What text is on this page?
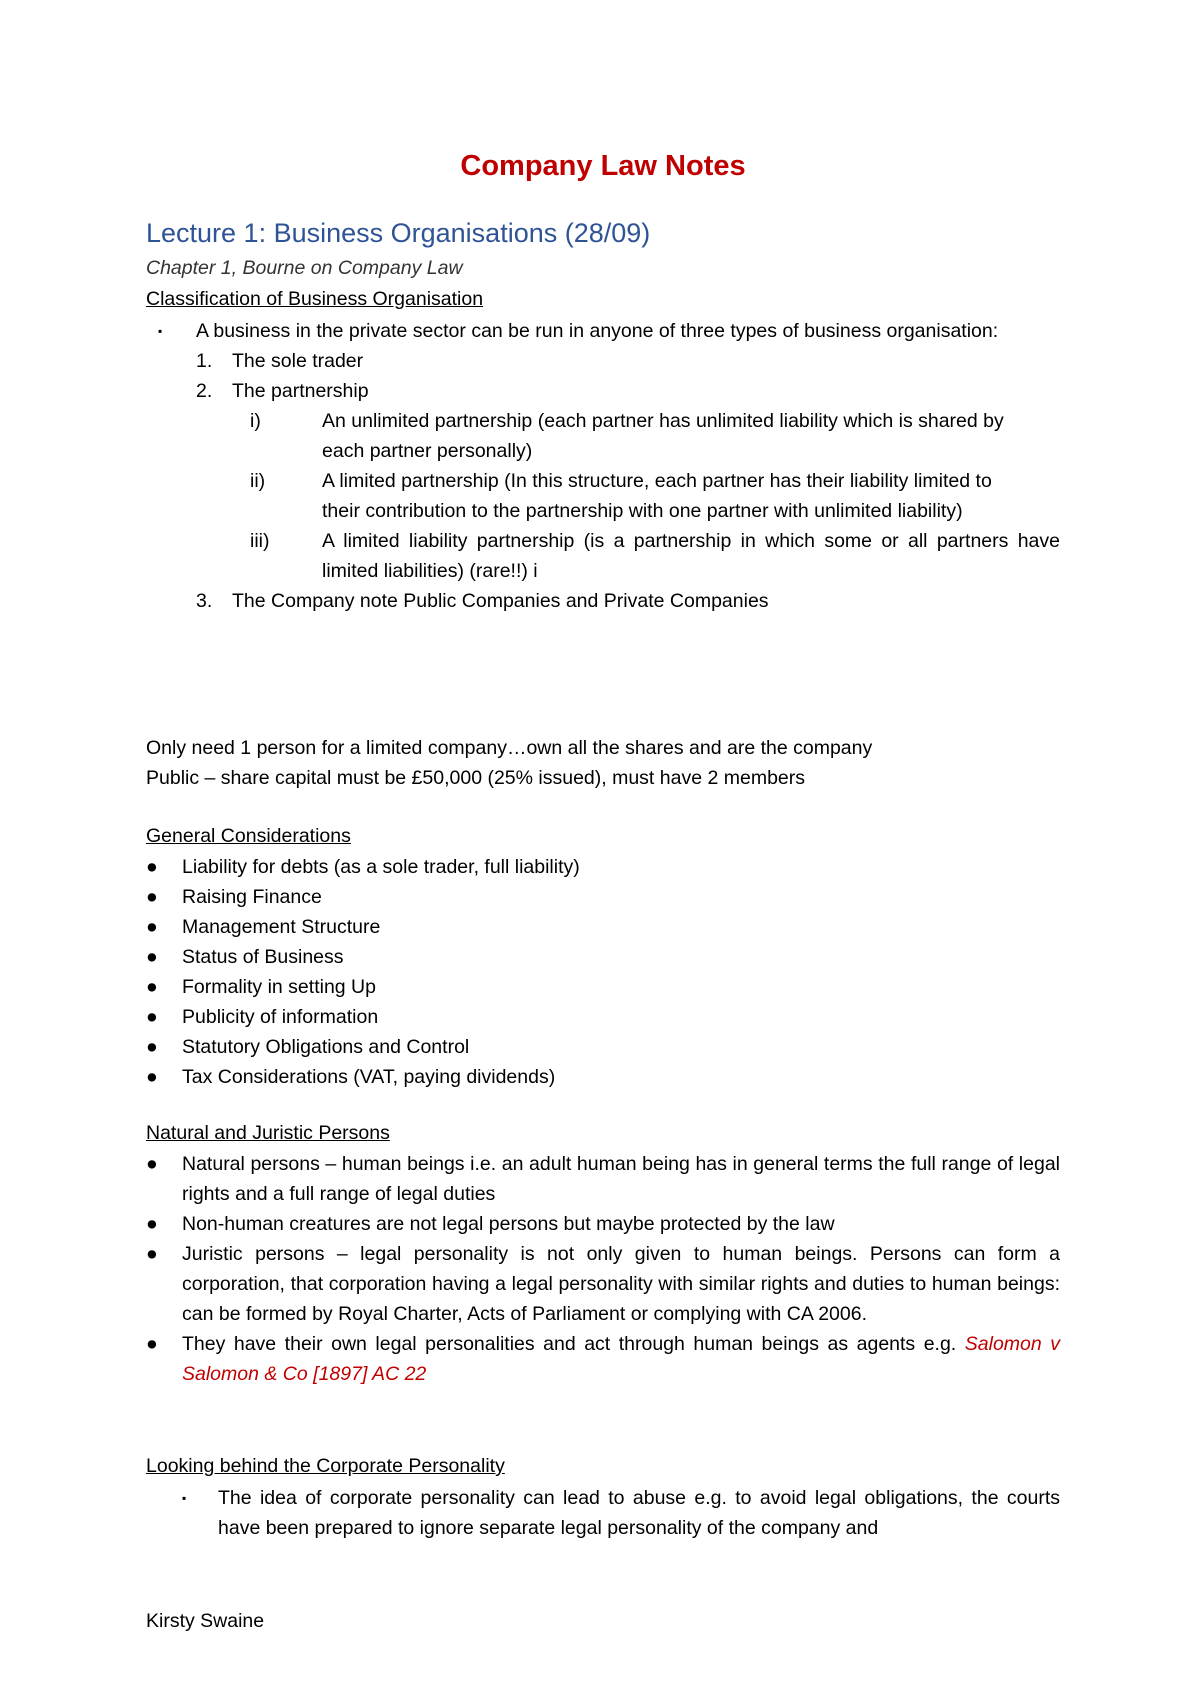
Company Law Notes
Lecture 1: Business Organisations (28/09)
Chapter 1, Bourne on Company Law
Classification of Business Organisation
▪ A business in the private sector can be run in anyone of three types of business organisation:
1. The sole trader
2. The partnership
i)	An unlimited partnership (each partner has unlimited liability which is shared by each partner personally)
ii)	A limited partnership (In this structure, each partner has their liability limited to their contribution to the partnership with one partner with unlimited liability)
iii)	A limited liability partnership (is a partnership in which some or all partners have limited liabilities) (rare!!) i
3. The Company note Public Companies and Private Companies
Only need 1 person for a limited company…own all the shares and are the company
Public – share capital must be £50,000 (25% issued), must have 2 members
General Considerations
● Liability for debts (as a sole trader, full liability)
● Raising Finance
● Management Structure
● Status of Business
● Formality in setting Up
● Publicity of information
● Statutory Obligations and Control
● Tax Considerations (VAT, paying dividends)
Natural and Juristic Persons
● Natural persons – human beings i.e. an adult human being has in general terms the full range of legal rights and a full range of legal duties
● Non-human creatures are not legal persons but maybe protected by the law
● Juristic persons – legal personality is not only given to human beings. Persons can form a corporation, that corporation having a legal personality with similar rights and duties to human beings: can be formed by Royal Charter, Acts of Parliament or complying with CA 2006.
● They have their own legal personalities and act through human beings as agents e.g. Salomon v Salomon & Co [1897] AC 22
Looking behind the Corporate Personality
▪ The idea of corporate personality can lead to abuse e.g. to avoid legal obligations, the courts have been prepared to ignore separate legal personality of the company and
Kirsty Swaine
